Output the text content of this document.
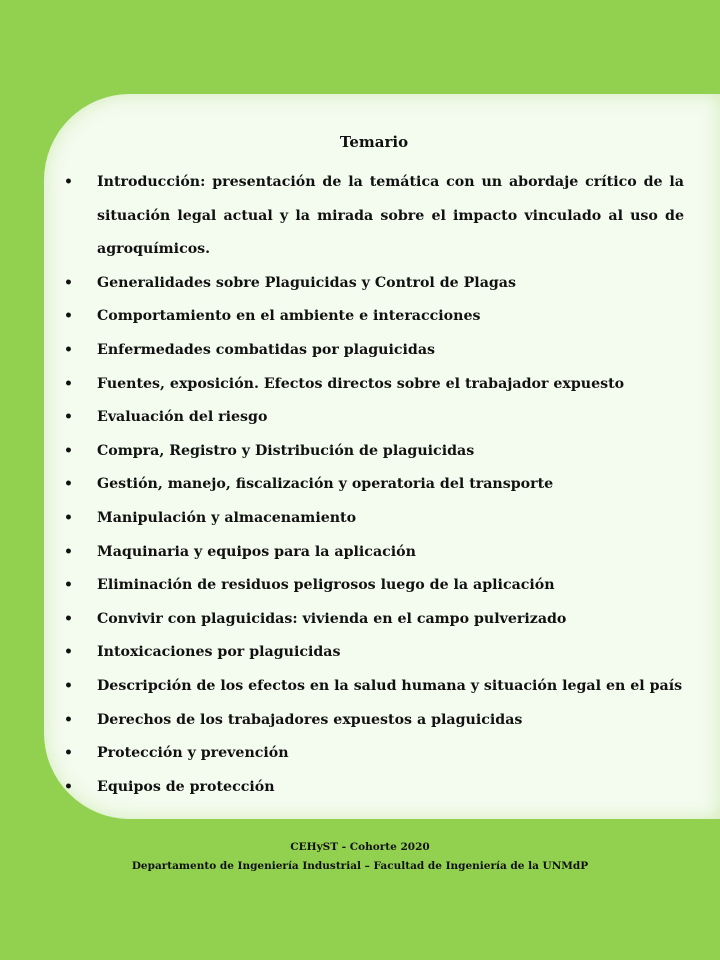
Temario
• Introducción: presentación de la temática con un abordaje crítico de la situación legal actual y la mirada sobre el impacto vinculado al uso de agroquímicos.
• Generalidades sobre Plaguicidas y Control de Plagas
• Comportamiento en el ambiente e interacciones
• Enfermedades combatidas por plaguicidas
• Fuentes, exposición. Efectos directos sobre el trabajador expuesto
• Evaluación del riesgo
• Compra, Registro y Distribución de plaguicidas
• Gestión, manejo, fiscalización y operatoria del transporte
• Manipulación y almacenamiento
• Maquinaria y equipos para la aplicación
• Eliminación de residuos peligrosos luego de la aplicación
• Convivir con plaguicidas: vivienda en el campo pulverizado
• Intoxicaciones por plaguicidas
• Descripción de los efectos en la salud humana y situación legal en el país
• Derechos de los trabajadores expuestos a plaguicidas
• Protección y prevención
• Equipos de protección
CEHyST - Cohorte 2020
Departamento de Ingeniería Industrial – Facultad de Ingeniería de la UNMdP
